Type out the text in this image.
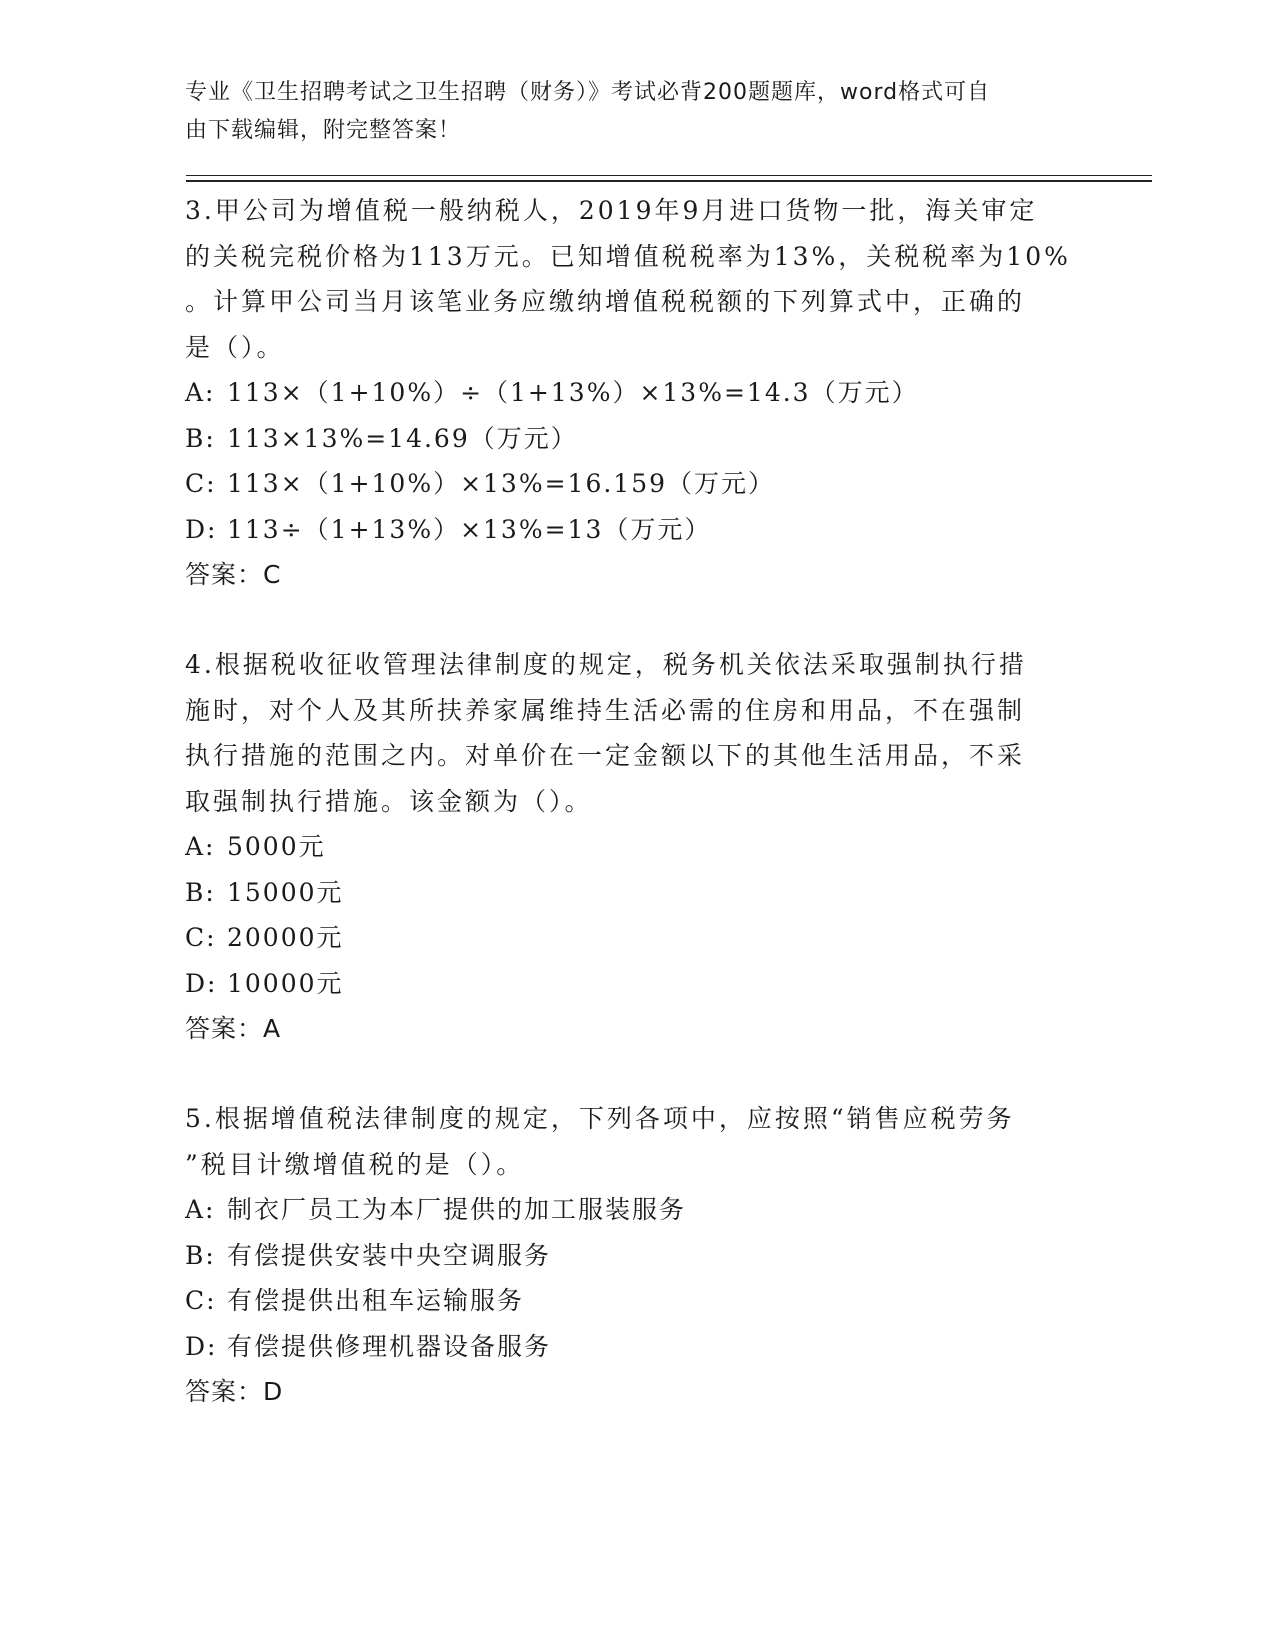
专业《卫生招聘考试之卫生招聘（财务）》考试必背200题题库，word格式可自
由下载编辑，附完整答案！
3.甲公司为增值税一般纳税人，2019年9月进口货物一批，海关审定
的关税完税价格为113万元。已知增值税税率为13%，关税税率为10%
。计算甲公司当月该笔业务应缴纳增值税税额的下列算式中，正确的
是（）。
A: 113×（1+10%）÷（1+13%）×13%=14.3（万元）
B: 113×13%=14.69（万元）
C: 113×（1+10%）×13%=16.159（万元）
D: 113÷（1+13%）×13%=13（万元）
答案：C
4.根据税收征收管理法律制度的规定，税务机关依法采取强制执行措
施时，对个人及其所扶养家属维持生活必需的住房和用品，不在强制
执行措施的范围之内。对单价在一定金额以下的其他生活用品，不采
取强制执行措施。该金额为（）。
A: 5000元
B: 15000元
C: 20000元
D: 10000元
答案：A
5.根据增值税法律制度的规定，下列各项中，应按照“销售应税劳务
”税目计缴增值税的是（）。
A: 制衣厂员工为本厂提供的加工服装服务
B: 有偿提供安装中央空调服务
C: 有偿提供出租车运输服务
D: 有偿提供修理机器设备服务
答案：D
